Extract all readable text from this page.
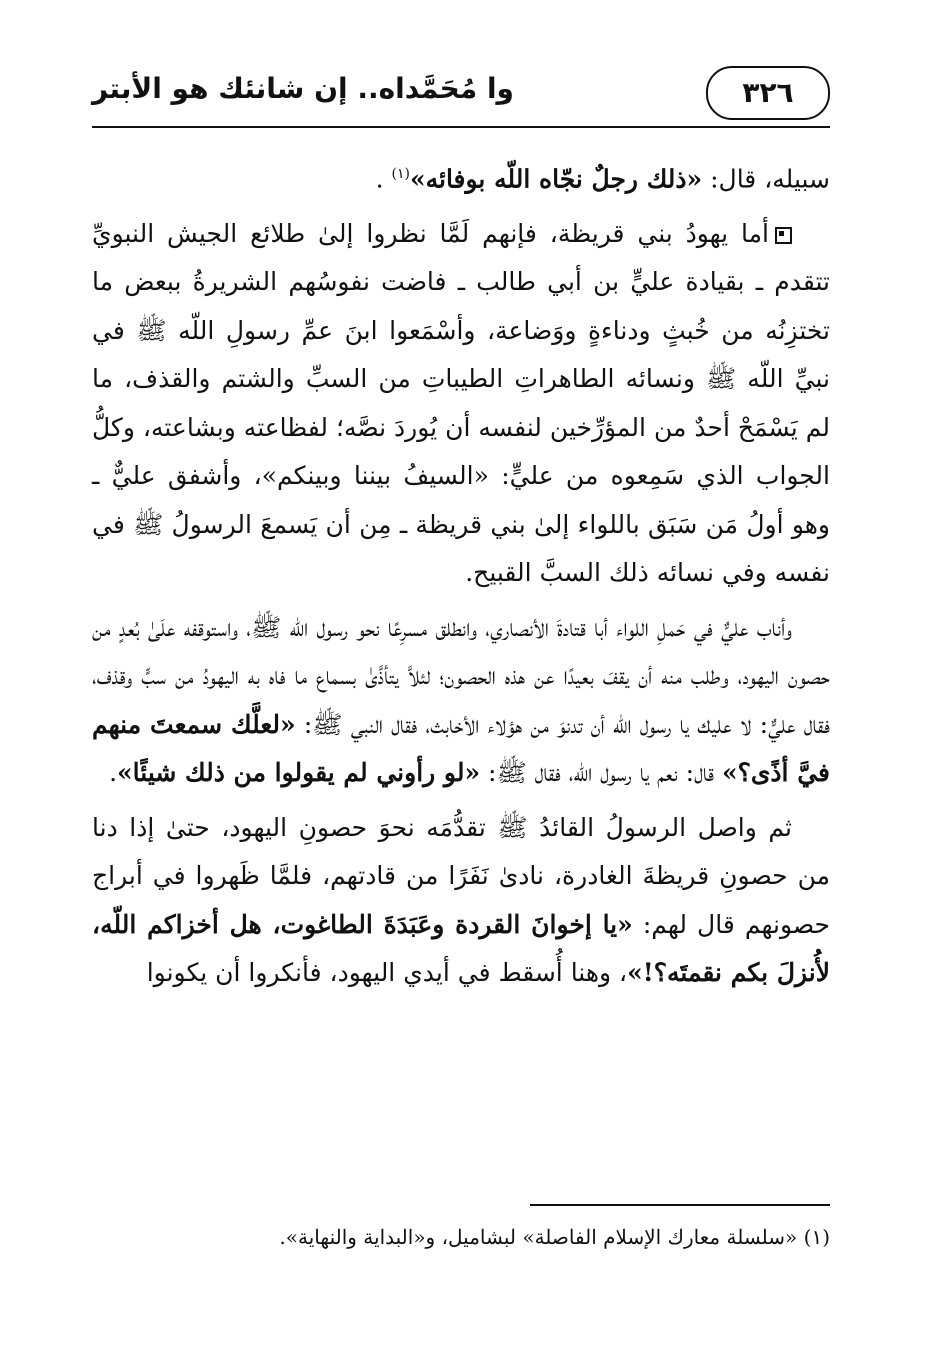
٣٢٦
وا مُحَمَّداه.. إن شانئك هو الأبتر

سبيله، قال: «ذلك رجلٌ نجّاه اللّه بوفائه»$^{(١)}$ .

أما يهودُ بني قريظة، فإنهم لَمَّا نظروا إلىٰ طلائع الجيش النبويِّ تتقدم ـ بقيادة عليٍّ بن أبي طالب ـ فاضت نفوسُهم الشريرةُ ببعض ما تختزِنُه من خُبثٍ ودناءةٍ ووَضاعة، وأسْمَعوا ابنَ عمِّ رسولِ اللّه ﷺ في نبيِّ اللّه ﷺ ونسائه الطاهراتِ الطيباتِ من السبِّ والشتم والقذف، ما لم يَسْمَحْ أحدٌ من المؤرِّخين لنفسه أن يُوردَ نصَّه؛ لفظاعته وبشاعته، وكلُّ الجواب الذي سَمِعوه من عليٍّ: «السيفُ بيننا وبينكم»، وأشفق عليٌّ ـ وهو أولُ مَن سَبَق باللواء إلىٰ بني قريظة ـ مِن أن يَسمعَ الرسولُ ﷺ في نفسه وفي نسائه ذلك السبَّ القبيح.

وأناب عليٌّ في حَملِ اللواء أبا قتادةَ الأنصاري، وانطلق مسرِعًا نحو رسول اللّه ﷺ، واستوقفه علَىٰ بُعدٍ من حصون اليهود، وطلب منه أن يقفَ بعيدًا عن هذه الحصون؛ لئلاَّ يتأذَّىٰ بسماع ما فاه به اليهودُ من سبٍّ وقذف، فقال عليٌّ: لا عليك يا رسول اللّه أن تدنوَ من هؤلاء الأخابث، فقال النبي ﷺ: «لعلَّك سمعتَ منهم فيَّ أذًى؟» قال: نعم يا رسول اللّه، فقال ﷺ: «لو رأوني لم يقولوا من ذلك شيئًا».

ثم واصل الرسولُ القائدُ ﷺ تقدُّمَه نحوَ حصونِ اليهود، حتىٰ إذا دنا من حصونِ قريظةَ الغادرة، نادىٰ نَفَرًا من قادتهم، فلمَّا ظَهروا في أبراج حصونهم قال لهم: «يا إخوانَ القردة وعَبَدَةَ الطاغوت، هل أخزاكم اللّه، لأُنزلَ بكم نقمتَه؟!»، وهنا أُسقط في أيدي اليهود، فأنكروا أن يكونوا

(١) «سلسلة معارك الإسلام الفاصلة» لبشاميل، و«البداية والنهاية».
